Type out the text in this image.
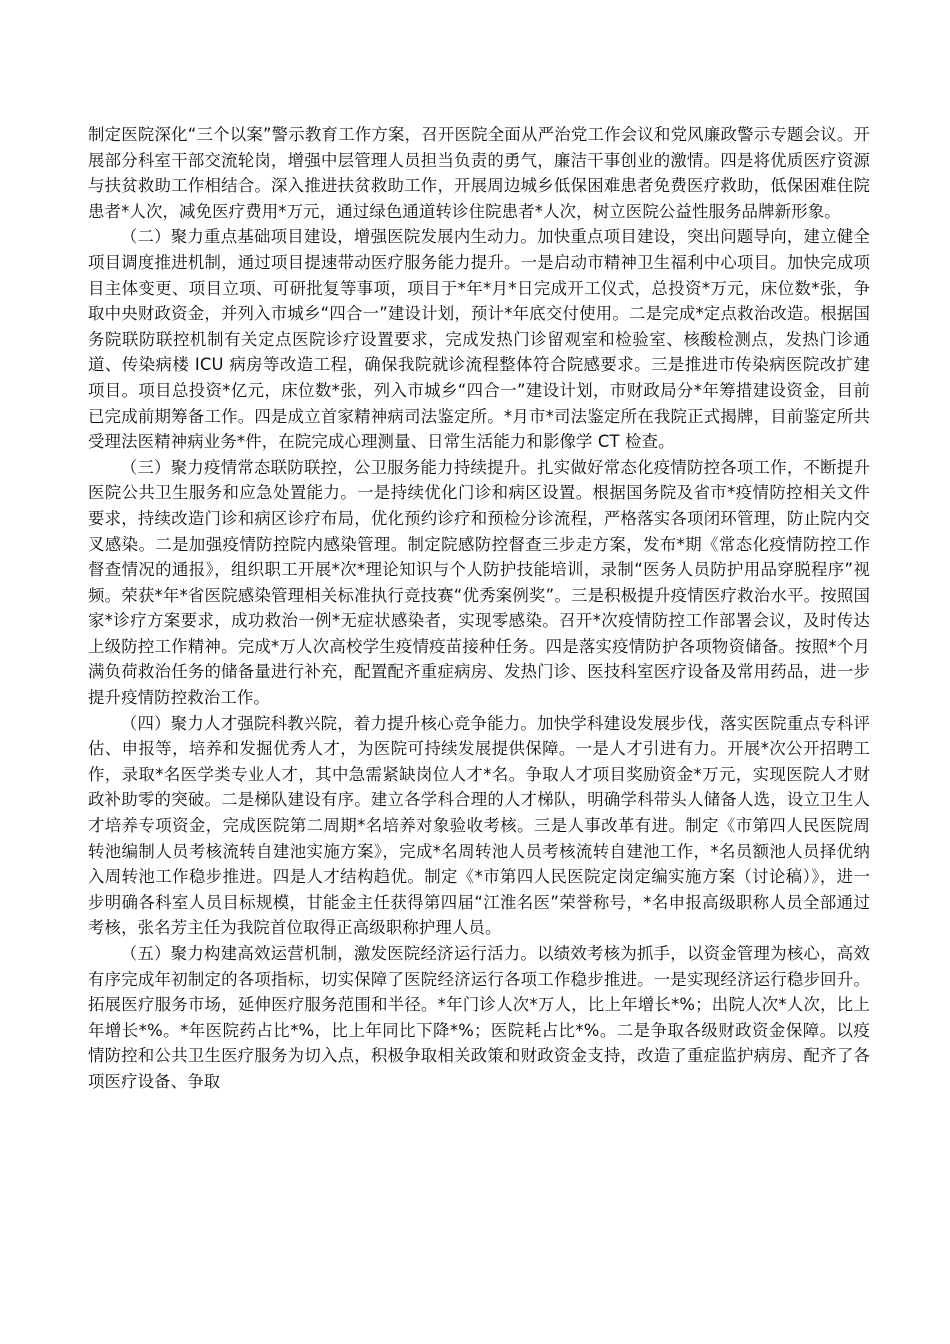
制定医院深化“三个以案”警示教育工作方案，召开医院全面从严治党工作会议和党风廉政警示专题会议。开展部分科室干部交流轮岗，增强中层管理人员担当负责的勇气，廉洁干事创业的激情。四是将优质医疗资源与扶贫救助工作相结合。深入推进扶贫救助工作，开展周边城乡低保困难患者免费医疗救助，低保困难住院患者*人次，减免医疗费用*万元，通过绿色通道转诊住院患者*人次，树立医院公益性服务品牌新形象。

（二）聚力重点基础项目建设，增强医院发展内生动力。加快重点项目建设，突出问题导向，建立健全项目调度推进机制，通过项目提速带动医疗服务能力提升。一是启动市精神卫生福利中心项目。加快完成项目主体变更、项目立项、可研批复等事项，项目于*年*月*日完成开工仪式，总投资*万元，床位数*张，争取中央财政资金，并列入市城乡“四合一”建设计划，预计*年底交付使用。二是完成*定点救治改造。根据国务院联防联控机制有关定点医院诊疗设置要求，完成发热门诊留观室和检验室、核酸检测点，发热门诊通道、传染病楼 ICU 病房等改造工程，确保我院就诊流程整体符合院感要求。三是推进市传染病医院改扩建项目。项目总投资*亿元，床位数*张，列入市城乡“四合一”建设计划，市财政局分*年筹措建设资金，目前已完成前期筹备工作。四是成立首家精神病司法鉴定所。*月市*司法鉴定所在我院正式揭牌，目前鉴定所共受理法医精神病业务*件，在院完成心理测量、日常生活能力和影像学 CT 检查。

（三）聚力疫情常态联防联控，公卫服务能力持续提升。扎实做好常态化疫情防控各项工作，不断提升医院公共卫生服务和应急处置能力。一是持续优化门诊和病区设置。根据国务院及省市*疫情防控相关文件要求，持续改造门诊和病区诊疗布局，优化预约诊疗和预检分诊流程，严格落实各项闭环管理，防止院内交叉感染。二是加强疫情防控院内感染管理。制定院感防控督查三步走方案，发布*期《常态化疫情防控工作督查情况的通报》，组织职工开展*次*理论知识与个人防护技能培训，录制“医务人员防护用品穿脱程序”视频。荣获*年*省医院感染管理相关标准执行竞技赛“优秀案例奖”。三是积极提升疫情医疗救治水平。按照国家*诊疗方案要求，成功救治一例*无症状感染者，实现零感染。召开*次疫情防控工作部署会议，及时传达上级防控工作精神。完成*万人次高校学生疫情疫苗接种任务。四是落实疫情防护各项物资储备。按照*个月满负荷救治任务的储备量进行补充，配置配齐重症病房、发热门诊、医技科室医疗设备及常用药品，进一步提升疫情防控救治工作。

（四）聚力人才强院科教兴院，着力提升核心竞争能力。加快学科建设发展步伐，落实医院重点专科评估、申报等，培养和发掘优秀人才，为医院可持续发展提供保障。一是人才引进有力。开展*次公开招聘工作，录取*名医学类专业人才，其中急需紧缺岗位人才*名。争取人才项目奖励资金*万元，实现医院人才财政补助零的突破。二是梯队建设有序。建立各学科合理的人才梯队，明确学科带头人储备人选，设立卫生人才培养专项资金，完成医院第二周期*名培养对象验收考核。三是人事改革有进。制定《市第四人民医院周转池编制人员考核流转自建池实施方案》，完成*名周转池人员考核流转自建池工作，*名员额池人员择优纳入周转池工作稳步推进。四是人才结构趋优。制定《*市第四人民医院定岗定编实施方案（讨论稿）》，进一步明确各科室人员目标规模，甘能金主任获得第四届“江淮名医”荣誉称号，*名申报高级职称人员全部通过考核，张名芳主任为我院首位取得正高级职称护理人员。

（五）聚力构建高效运营机制，激发医院经济运行活力。以绩效考核为抓手，以资金管理为核心，高效有序完成年初制定的各项指标，切实保障了医院经济运行各项工作稳步推进。一是实现经济运行稳步回升。拓展医疗服务市场，延伸医疗服务范围和半径。*年门诊人次*万人，比上年增长*%；出院人次*人次，比上年增长*%。*年医院药占比*%，比上年同比下降*%；医院耗占比*%。二是争取各级财政资金保障。以疫情防控和公共卫生医疗服务为切入点，积极争取相关政策和财政资金支持，改造了重症监护病房、配齐了各项医疗设备、争取
